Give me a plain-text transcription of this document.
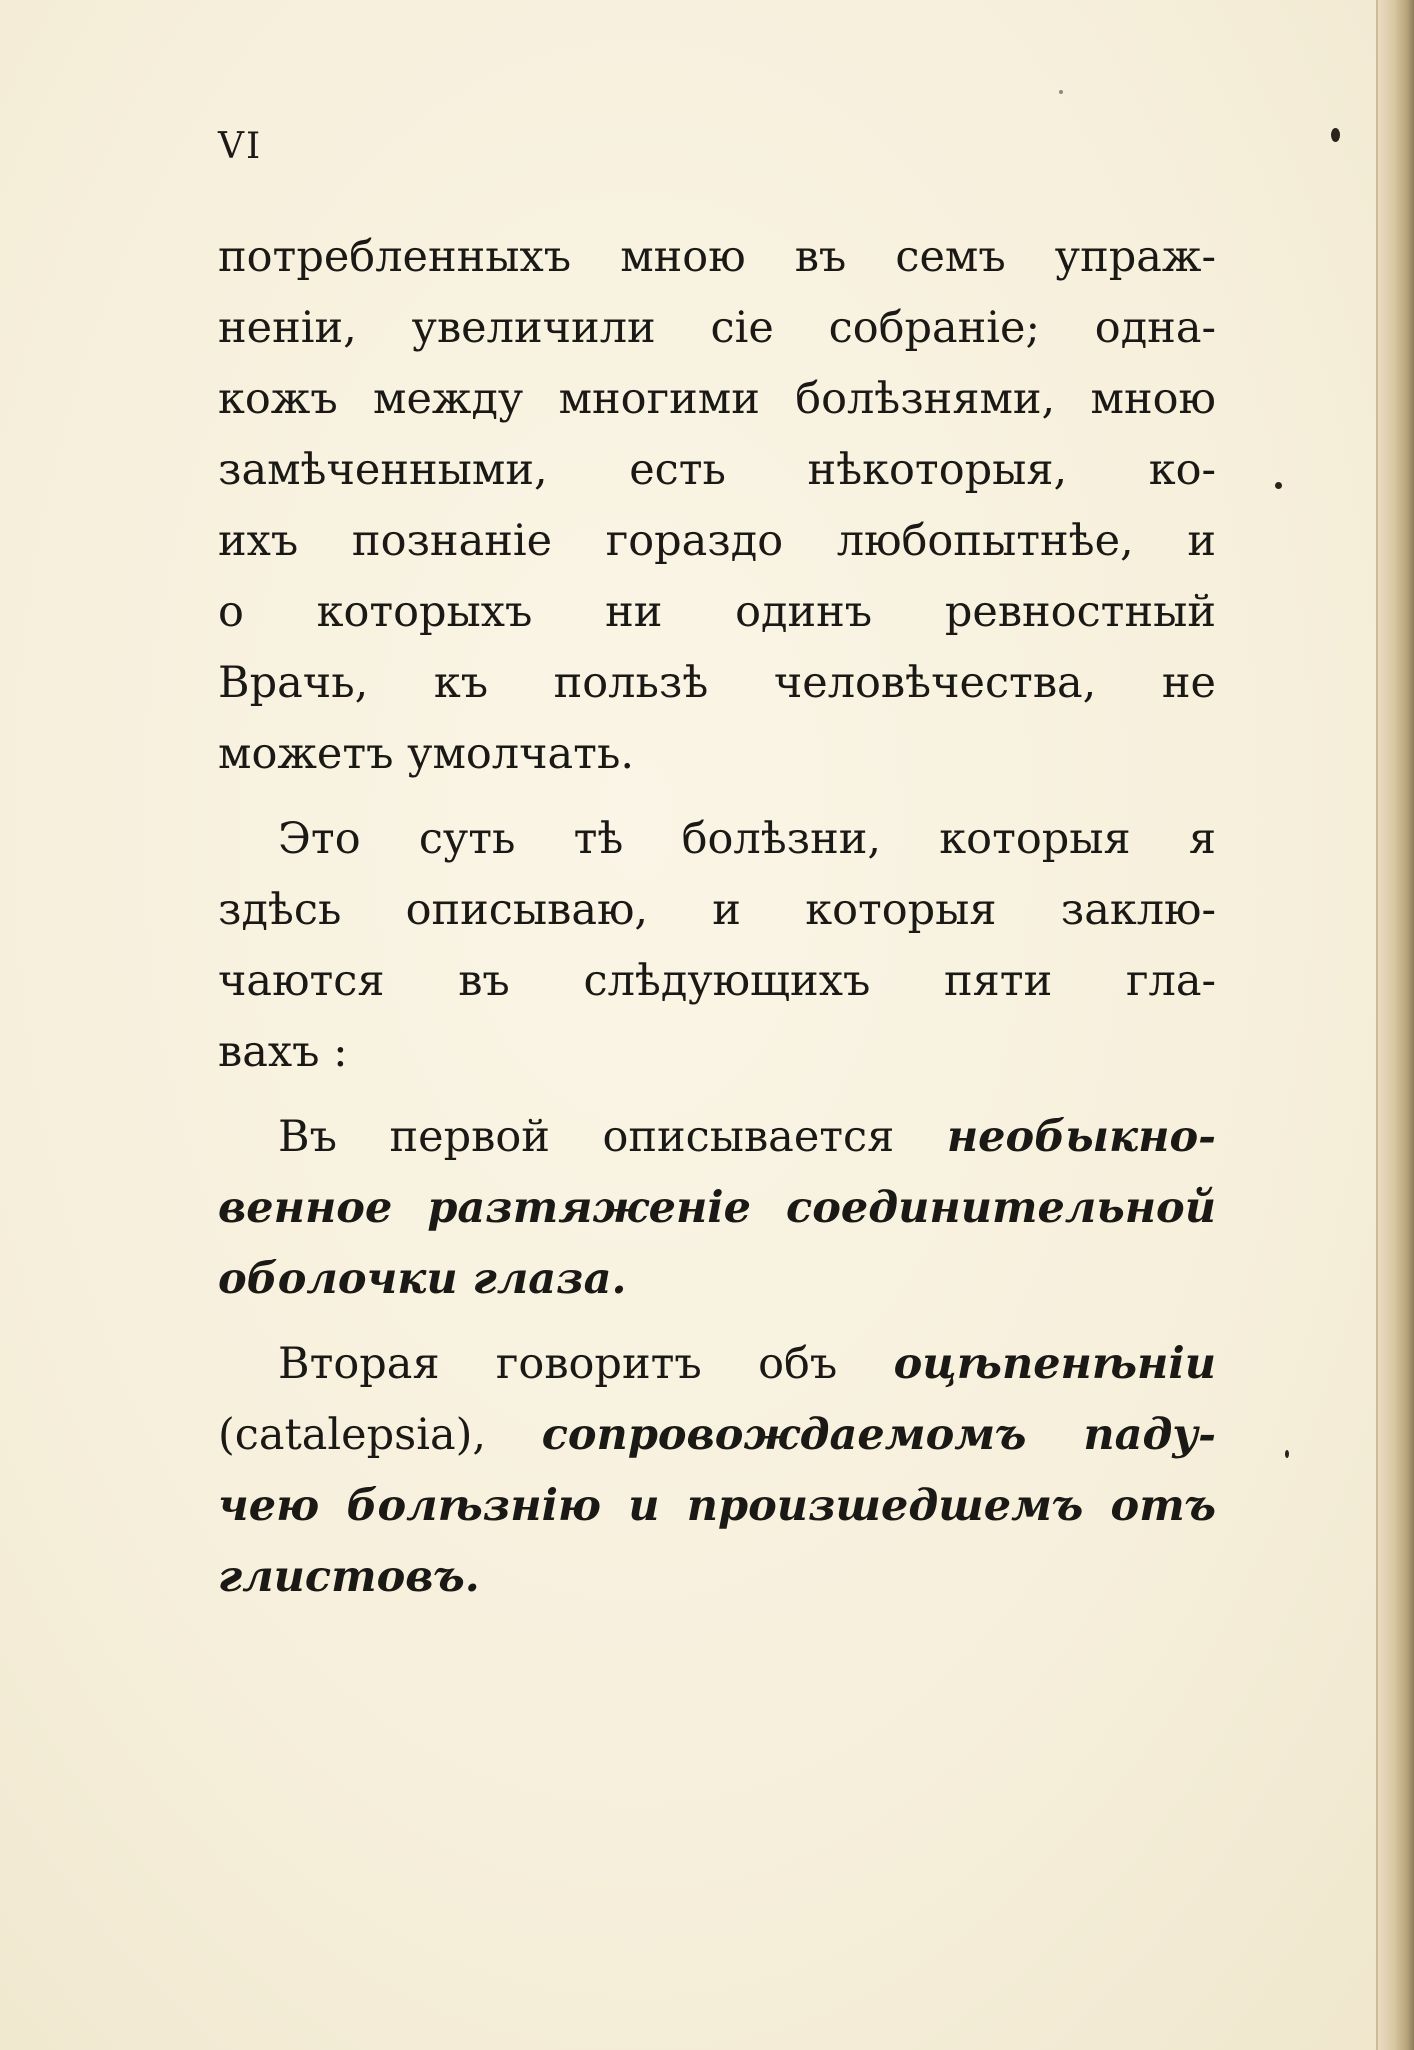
VI
потребленныхъ мною въ семъ упраж-
неніи, увеличили сіе собраніе; одна-
кожъ между многими болѣзнями, мною
замѣченными, есть нѣкоторыя, ко-
ихъ познаніе гораздо любопытнѣе, и
о которыхъ ни одинъ ревностный
Врачь, къ пользѣ человѣчества, не
можетъ умолчать.
Это суть тѣ болѣзни, которыя я
здѣсь описываю, и которыя заклю-
чаются въ слѣдующихъ пяти гла-
вахъ :
Въ первой описывается необыкно-
венное разтяженіе соединительной
оболочки глаза.
Вторая говоритъ объ оцѣпенѣніи
(catalepsia), сопровождаемомъ паду-
чею болѣзнію и произшедшемъ отъ
глистовъ.
